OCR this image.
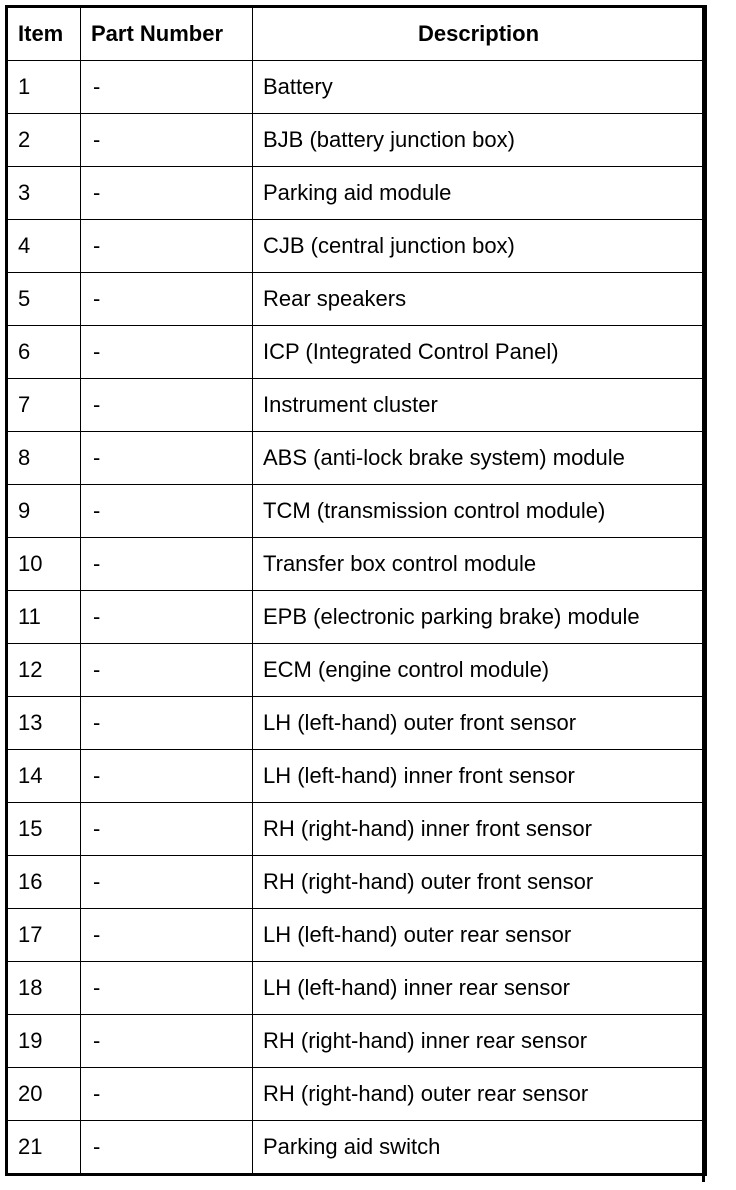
Item	Part Number	Description
1	-	Battery
2	-	BJB (battery junction box)
3	-	Parking aid module
4	-	CJB (central junction box)
5	-	Rear speakers
6	-	ICP (Integrated Control Panel)
7	-	Instrument cluster
8	-	ABS (anti-lock brake system) module
9	-	TCM (transmission control module)
10	-	Transfer box control module
11	-	EPB (electronic parking brake) module
12	-	ECM (engine control module)
13	-	LH (left-hand) outer front sensor
14	-	LH (left-hand) inner front sensor
15	-	RH (right-hand) inner front sensor
16	-	RH (right-hand) outer front sensor
17	-	LH (left-hand) outer rear sensor
18	-	LH (left-hand) inner rear sensor
19	-	RH (right-hand) inner rear sensor
20	-	RH (right-hand) outer rear sensor
21	-	Parking aid switch
